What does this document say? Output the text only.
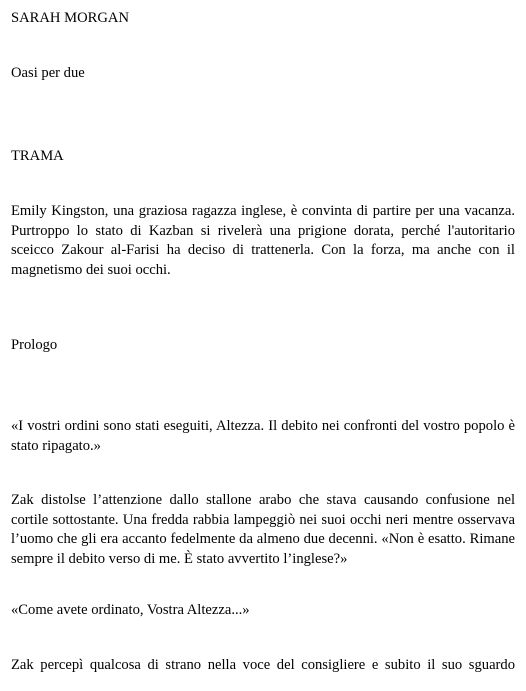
SARAH MORGAN
Oasi per due
TRAMA
Emily Kingston, una graziosa ragazza inglese, è convinta di partire per una vacanza. Purtroppo lo stato di Kazban si rivelerà una prigione dorata, perché l'autoritario sceicco Zakour al-Farisi ha deciso di trattenerla. Con la forza, ma anche con il magnetismo dei suoi occhi.
Prologo
«I vostri ordini sono stati eseguiti, Altezza. Il debito nei confronti del vostro popolo è stato ripagato.»
Zak distolse l’attenzione dallo stallone arabo che stava causando confusione nel cortile sottostante. Una fredda rabbia lampeggiò nei suoi occhi neri mentre osservava l’uomo che gli era accanto fedelmente da almeno due decenni. «Non è esatto. Rimane sempre il debito verso di me. È stato avvertito l’inglese?»
«Come avete ordinato, Vostra Altezza...»
Zak percepì qualcosa di strano nella voce del consigliere e subito il suo sguardo
